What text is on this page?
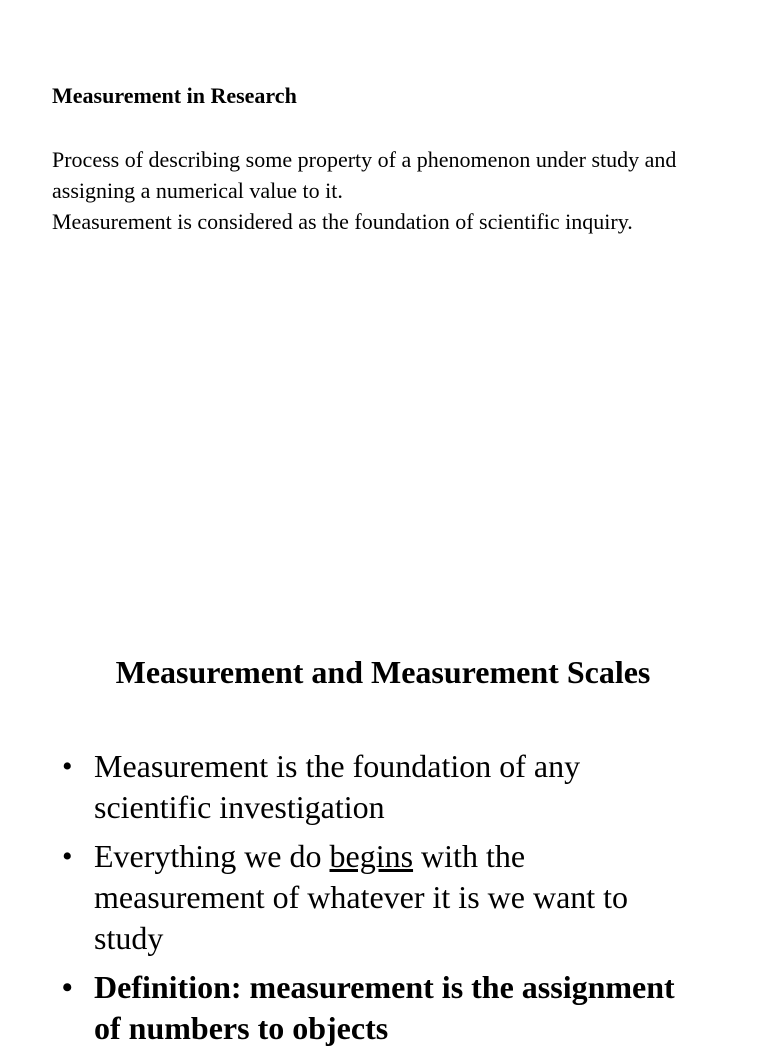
Measurement in Research

Process of describing some property of a phenomenon under study and assigning a numerical value to it.

Measurement is considered as the foundation of scientific inquiry.

Measurement and Measurement Scales
• Measurement is the foundation of any scientific investigation
• Everything we do begins with the measurement of whatever it is we want to study
• Definition: measurement is the assignment of numbers to objects
